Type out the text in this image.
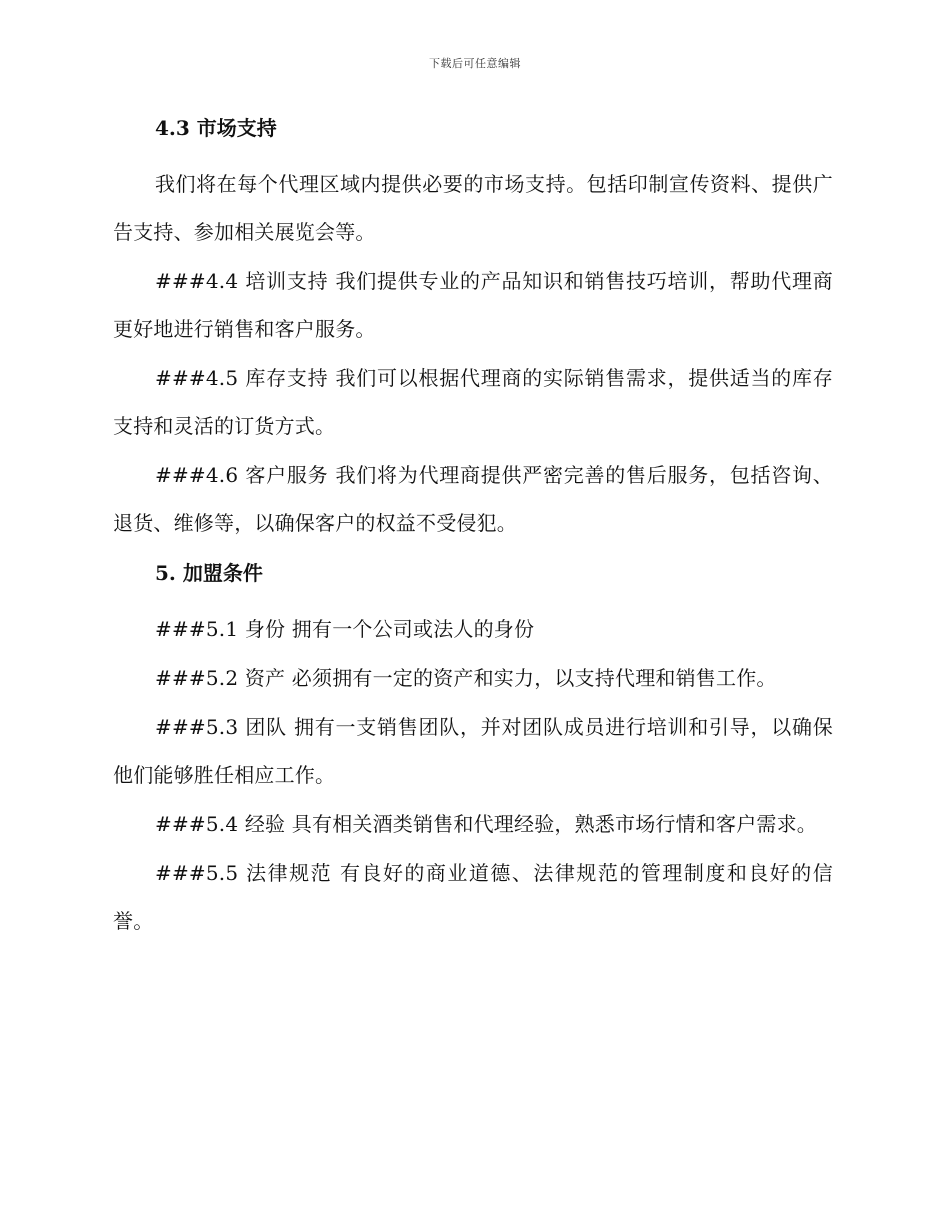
下载后可任意编辑
4.3 市场支持
我们将在每个代理区域内提供必要的市场支持。包括印制宣传资料、提供广告支持、参加相关展览会等。
###4.4 培训支持 我们提供专业的产品知识和销售技巧培训，帮助代理商更好地进行销售和客户服务。
###4.5 库存支持 我们可以根据代理商的实际销售需求，提供适当的库存支持和灵活的订货方式。
###4.6 客户服务 我们将为代理商提供严密完善的售后服务，包括咨询、退货、维修等，以确保客户的权益不受侵犯。
5. 加盟条件
###5.1 身份 拥有一个公司或法人的身份
###5.2 资产 必须拥有一定的资产和实力，以支持代理和销售工作。
###5.3 团队 拥有一支销售团队，并对团队成员进行培训和引导，以确保他们能够胜任相应工作。
###5.4 经验 具有相关酒类销售和代理经验，熟悉市场行情和客户需求。
###5.5 法律规范 有良好的商业道德、法律规范的管理制度和良好的信誉。
